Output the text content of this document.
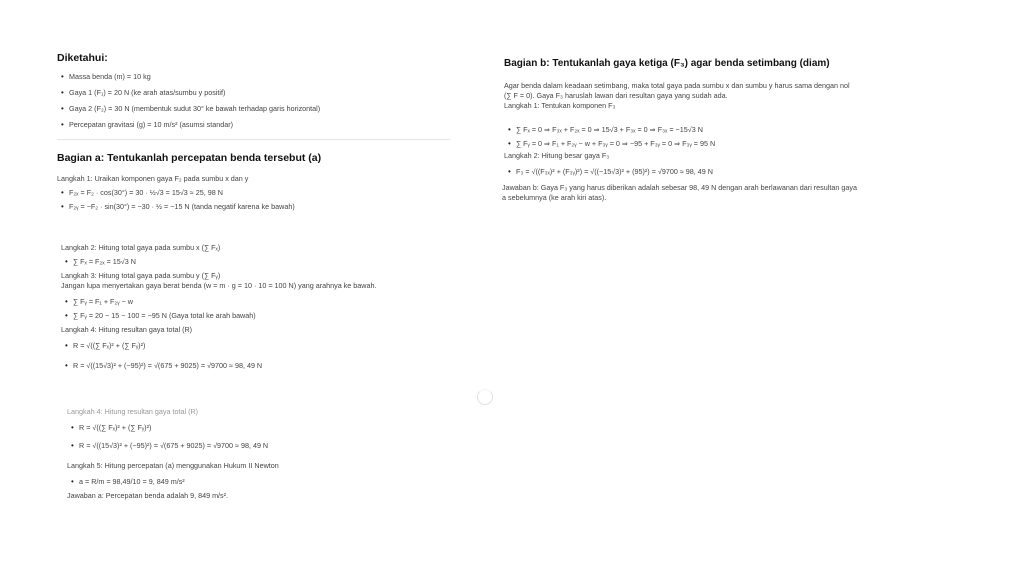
Diketahui:
• Massa benda (m) = 10 kg
• Gaya 1 (F₁) = 20 N (ke arah atas/sumbu y positif)
• Gaya 2 (F₂) = 30 N (membentuk sudut 30° ke bawah terhadap garis horizontal)
• Percepatan gravitasi (g) = 10 m/s² (asumsi standar)
Bagian a: Tentukanlah percepatan benda tersebut (a)
Langkah 1: Uraikan komponen gaya F₂ pada sumbu x dan y
• F₂ₓ = F₂ · cos(30°) = 30 · ½√3 = 15√3 ≈ 25, 98 N
• F₂ᵧ = −F₂ · sin(30°) = −30 · ½ = −15 N (tanda negatif karena ke bawah)
Langkah 2: Hitung total gaya pada sumbu x (∑ Fₓ)
• ∑ Fₓ = F₂ₓ = 15√3 N
Langkah 3: Hitung total gaya pada sumbu y (∑ Fᵧ)
Jangan lupa menyertakan gaya berat benda (w = m · g = 10 · 10 = 100 N) yang arahnya ke bawah.
• ∑ Fᵧ = F₁ + F₂ᵧ − w
• ∑ Fᵧ = 20 − 15 − 100 = −95 N (Gaya total ke arah bawah)
Langkah 4: Hitung resultan gaya total (R)
• R = √((∑ Fₓ)² + (∑ Fᵧ)²)
• R = √((15√3)² + (−95)²) = √(675 + 9025) = √9700 ≈ 98, 49 N
Langkah 4: Hitung resultan gaya total (R)
• R = √((∑ Fₓ)² + (∑ Fᵧ)²)
• R = √((15√3)² + (−95)²) = √(675 + 9025) = √9700 ≈ 98, 49 N
Langkah 5: Hitung percepatan (a) menggunakan Hukum II Newton
• a = R/m = 98,49/10 = 9, 849 m/s²
Jawaban a: Percepatan benda adalah 9, 849 m/s².
Bagian b: Tentukanlah gaya ketiga (F₃) agar benda setimbang (diam)
Agar benda dalam keadaan setimbang, maka total gaya pada sumbu x dan sumbu y harus sama dengan nol
(∑ F = 0). Gaya F₃ haruslah lawan dari resultan gaya yang sudah ada.
Langkah 1: Tentukan komponen F₃
• ∑ Fₓ = 0 ⇒ F₃ₓ + F₂ₓ = 0 ⇒ 15√3 + F₃ₓ = 0 ⇒ F₃ₓ = −15√3 N
• ∑ Fᵧ = 0 ⇒ F₁ + F₂ᵧ − w + F₃ᵧ = 0 ⇒ −95 + F₃ᵧ = 0 ⇒ F₃ᵧ = 95 N
Langkah 2: Hitung besar gaya F₃
• F₃ = √((F₃ₓ)² + (F₃ᵧ)²) = √((−15√3)² + (95)²) = √9700 ≈ 98, 49 N
Jawaban b: Gaya F₃ yang harus diberikan adalah sebesar 98, 49 N dengan arah berlawanan dari resultan gaya
a sebelumnya (ke arah kiri atas).
